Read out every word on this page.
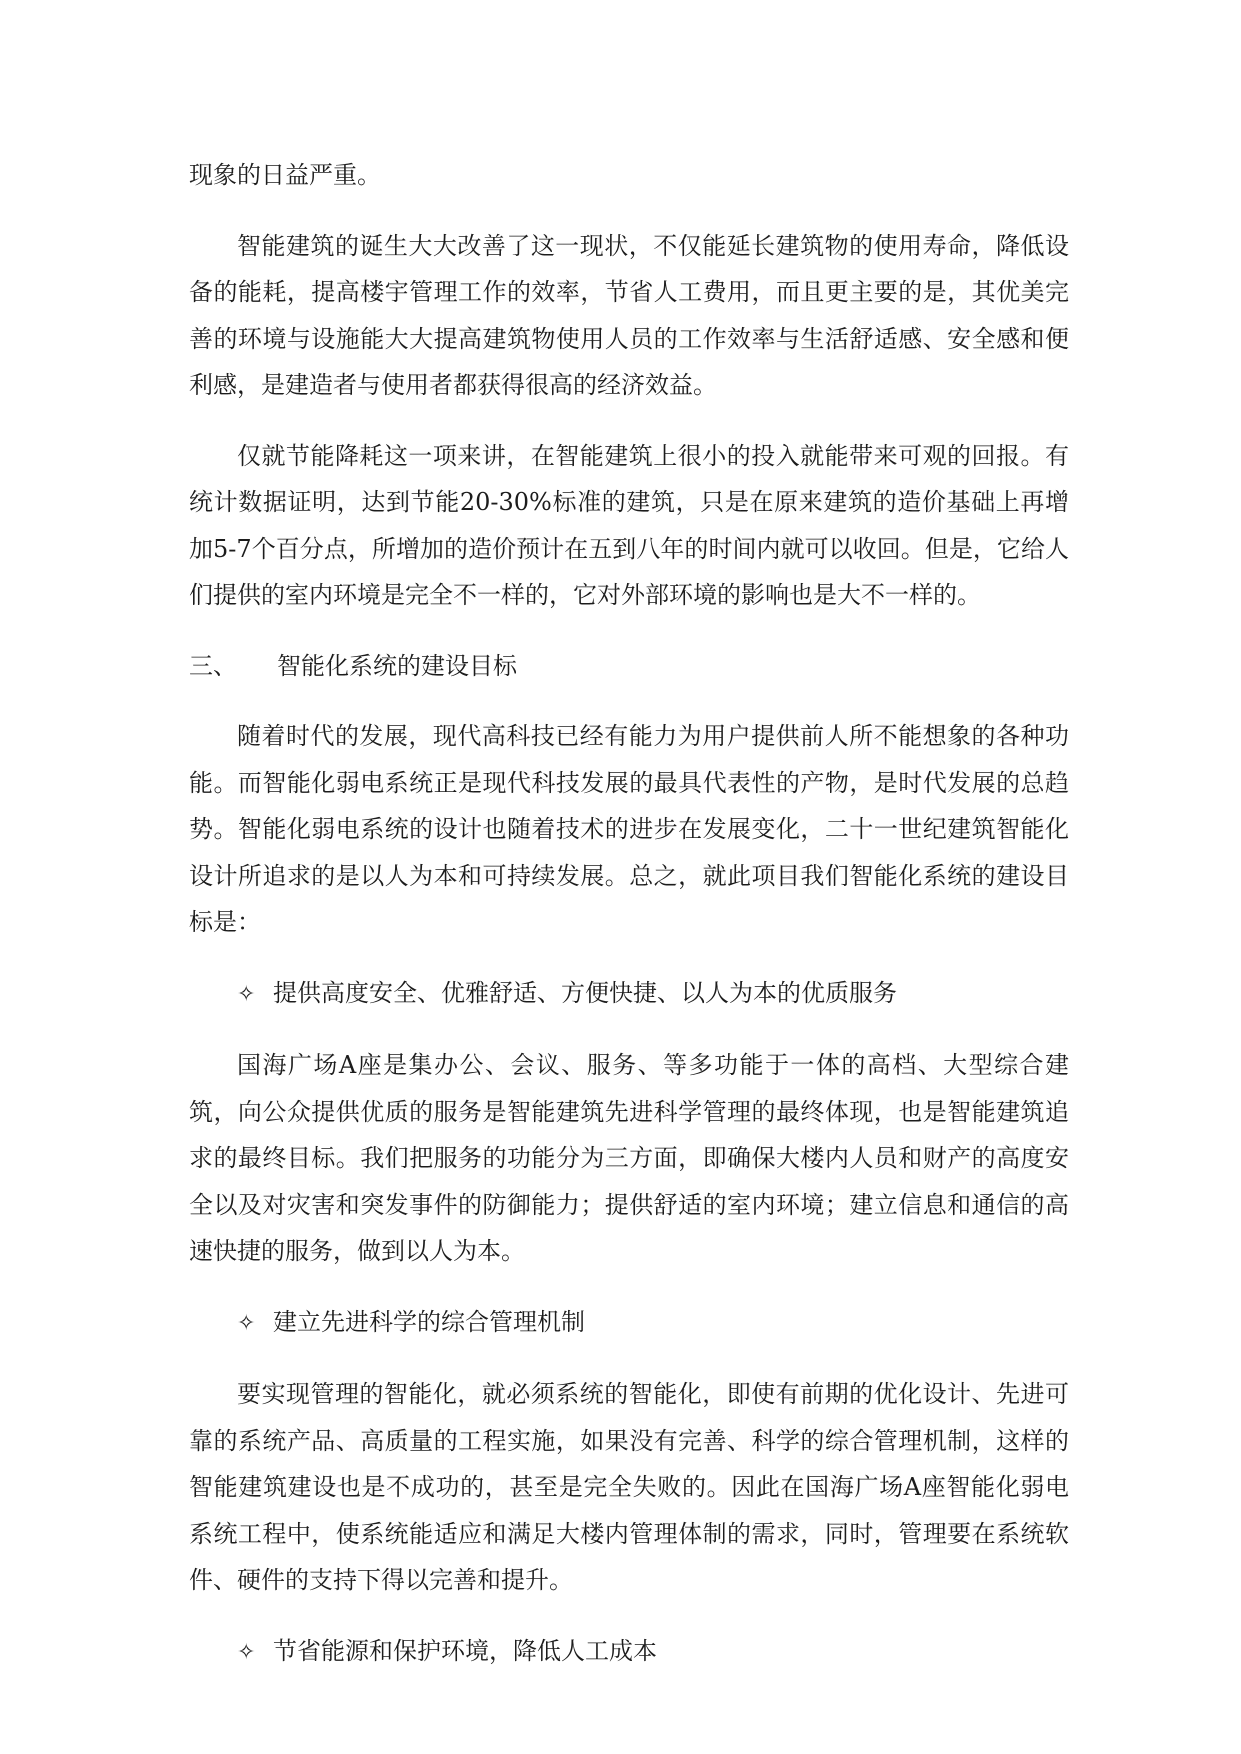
现象的日益严重。

智能建筑的诞生大大改善了这一现状，不仅能延长建筑物的使用寿命，降低设备的能耗，提高楼宇管理工作的效率，节省人工费用，而且更主要的是，其优美完善的环境与设施能大大提高建筑物使用人员的工作效率与生活舒适感、安全感和便利感，是建造者与使用者都获得很高的经济效益。

仅就节能降耗这一项来讲，在智能建筑上很小的投入就能带来可观的回报。有统计数据证明，达到节能20-30%标准的建筑，只是在原来建筑的造价基础上再增加5-7个百分点，所增加的造价预计在五到八年的时间内就可以收回。但是，它给人们提供的室内环境是完全不一样的，它对外部环境的影响也是大不一样的。

三、	智能化系统的建设目标

随着时代的发展，现代高科技已经有能力为用户提供前人所不能想象的各种功能。而智能化弱电系统正是现代科技发展的最具代表性的产物，是时代发展的总趋势。智能化弱电系统的设计也随着技术的进步在发展变化，二十一世纪建筑智能化设计所追求的是以人为本和可持续发展。总之，就此项目我们智能化系统的建设目标是：

✧ 提供高度安全、优雅舒适、方便快捷、以人为本的优质服务

国海广场A座是集办公、会议、服务、等多功能于一体的高档、大型综合建筑，向公众提供优质的服务是智能建筑先进科学管理的最终体现，也是智能建筑追求的最终目标。我们把服务的功能分为三方面，即确保大楼内人员和财产的高度安全以及对灾害和突发事件的防御能力；提供舒适的室内环境；建立信息和通信的高速快捷的服务，做到以人为本。

✧ 建立先进科学的综合管理机制

要实现管理的智能化，就必须系统的智能化，即使有前期的优化设计、先进可靠的系统产品、高质量的工程实施，如果没有完善、科学的综合管理机制，这样的智能建筑建设也是不成功的，甚至是完全失败的。因此在国海广场A座智能化弱电系统工程中，使系统能适应和满足大楼内管理体制的需求，同时，管理要在系统软件、硬件的支持下得以完善和提升。

✧ 节省能源和保护环境，降低人工成本
